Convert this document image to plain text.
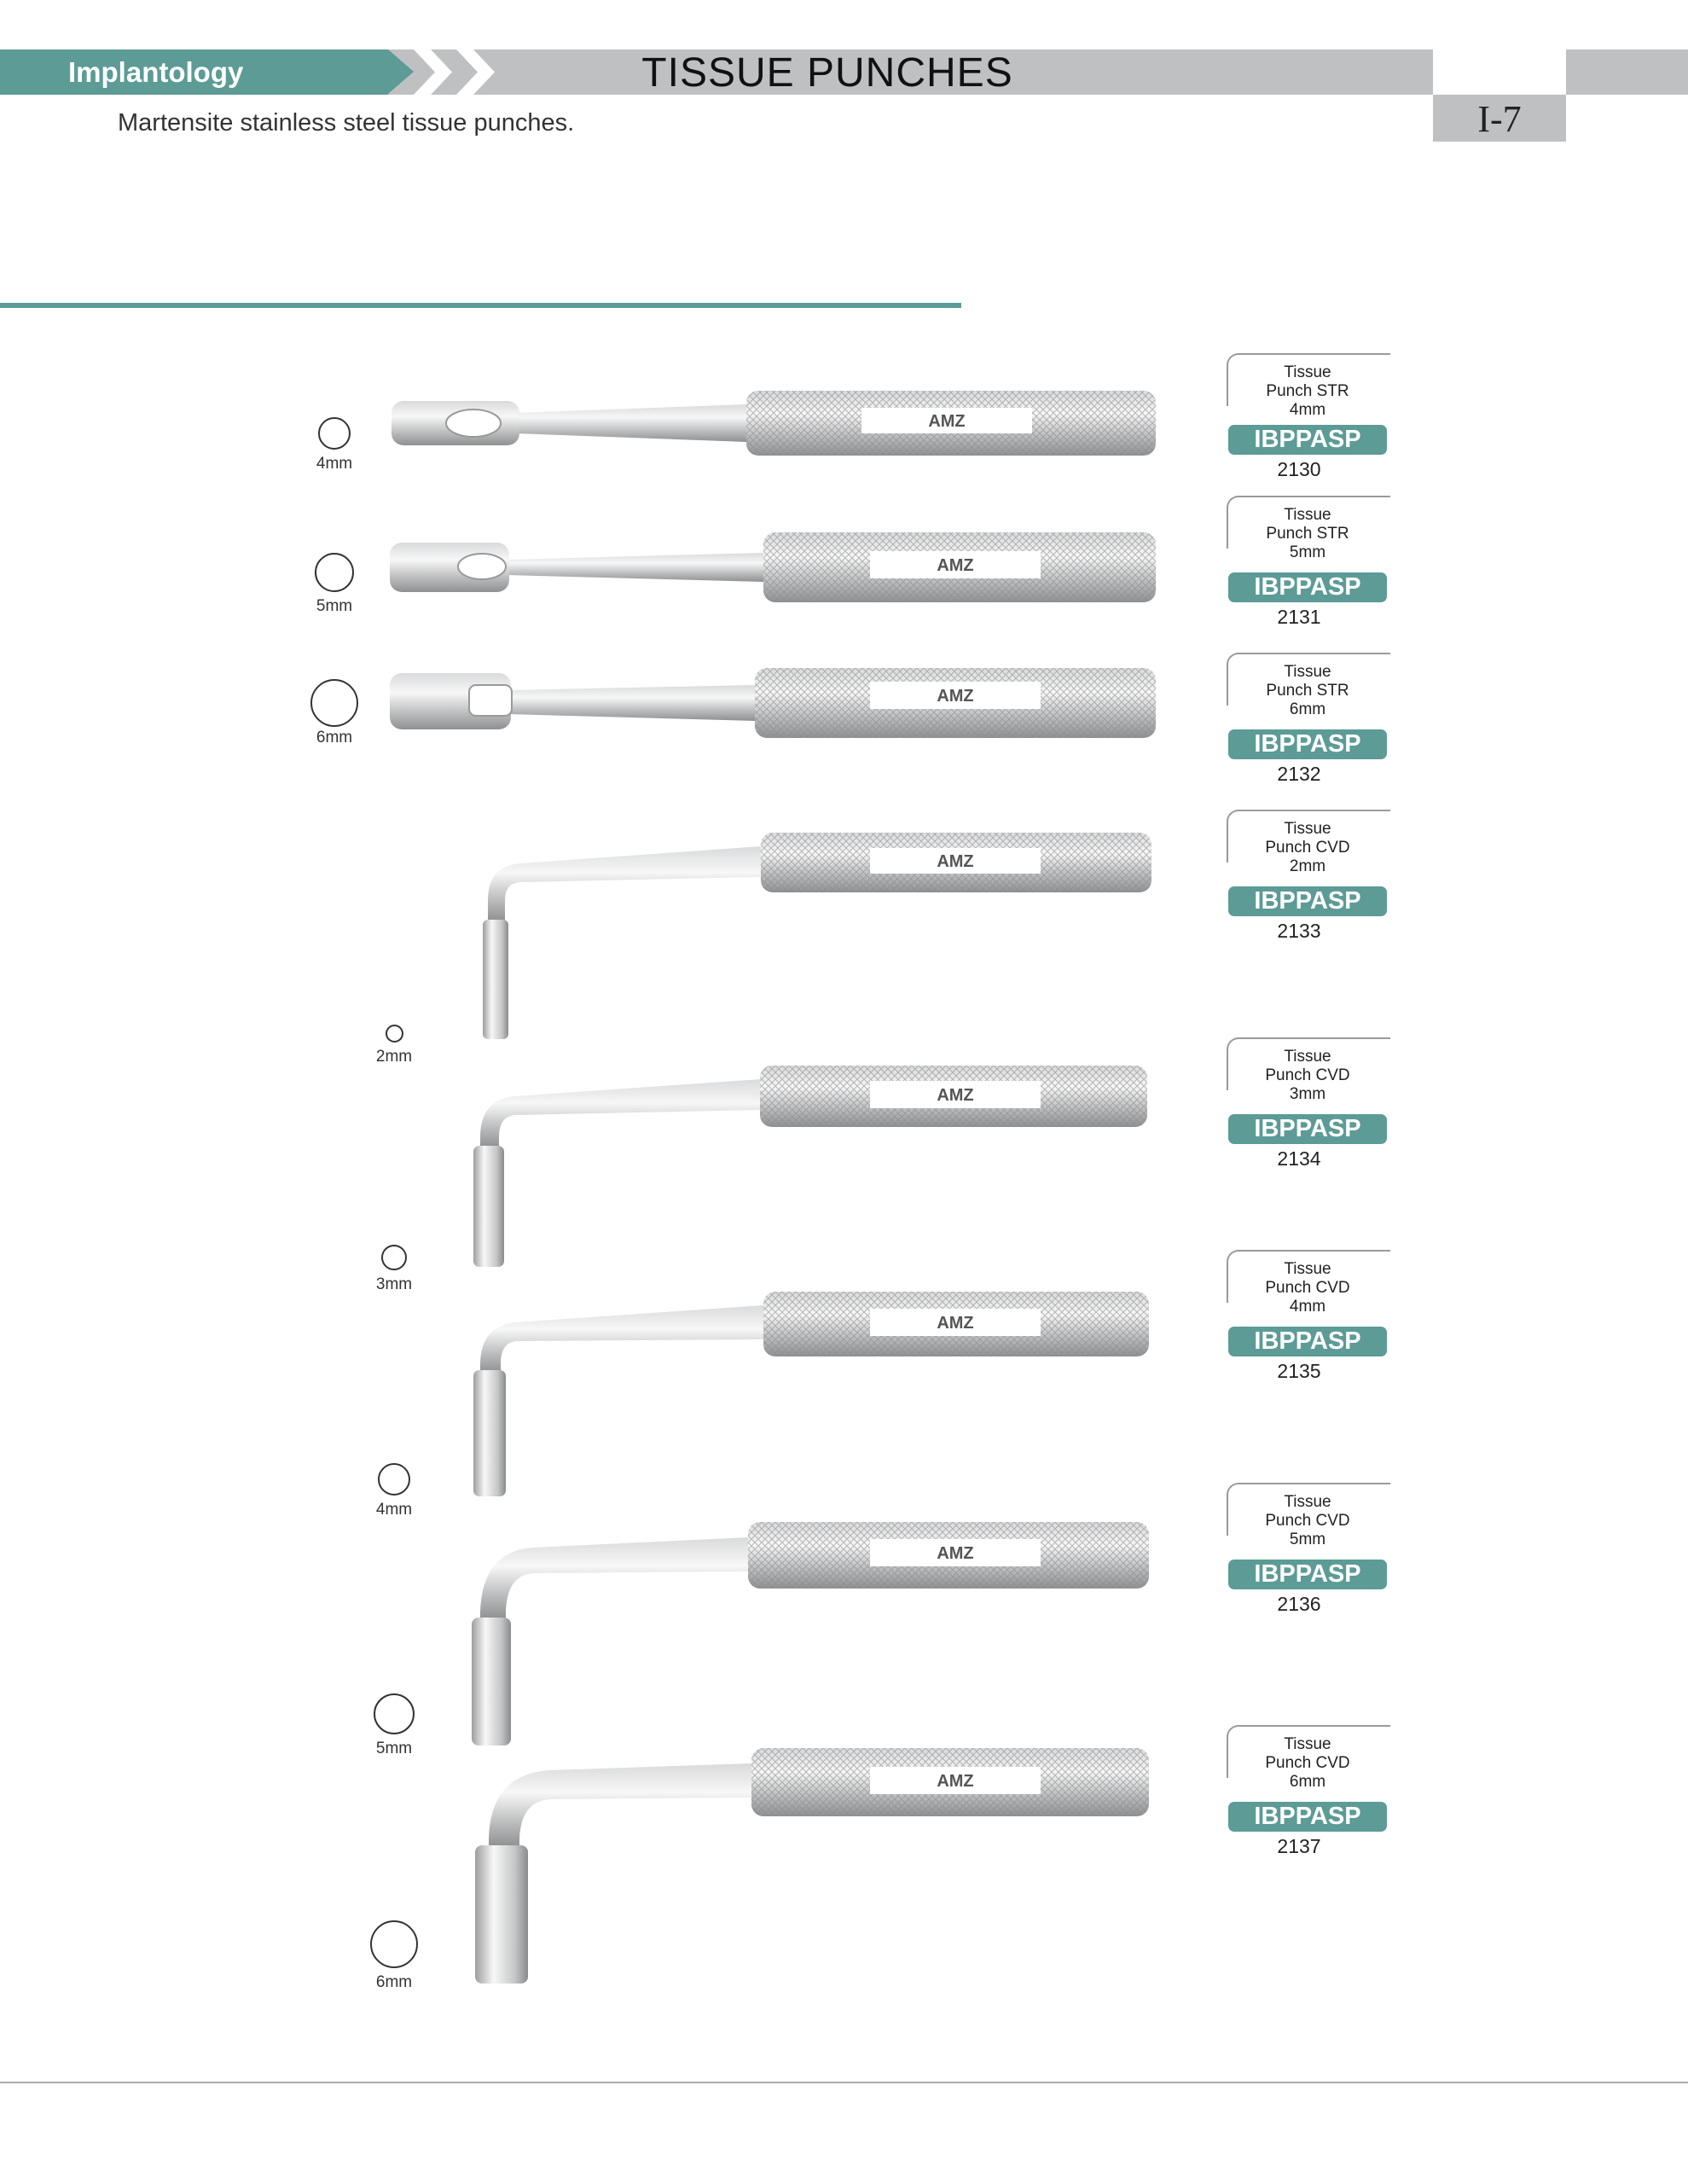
Implantology	TISSUE PUNCHES
I-7
Martensite stainless steel tissue punches.
4mm
5mm
6mm
2mm
3mm
4mm
5mm
6mm
AMZ
AMZ
AMZ
AMZ
AMZ
AMZ
AMZ
AMZ
Tissue
Punch STR
4mm
IBPPASP
2130
Tissue
Punch STR
5mm
IBPPASP
2131
Tissue
Punch STR
6mm
IBPPASP
2132
Tissue
Punch CVD
2mm
IBPPASP
2133
Tissue
Punch CVD
3mm
IBPPASP
2134
Tissue
Punch CVD
4mm
IBPPASP
2135
Tissue
Punch CVD
5mm
IBPPASP
2136
Tissue
Punch CVD
6mm
IBPPASP
2137
